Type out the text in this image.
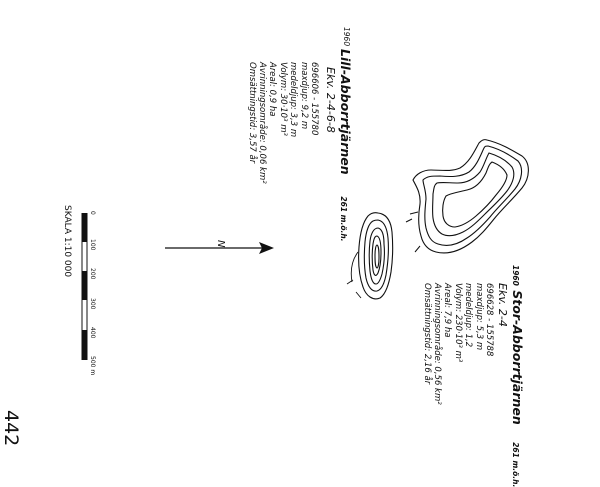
N
1960
Lill-Abborrtjärnen     261 m.ö.h.
Ekv. 2-4-6-8
696606 - 155780
maxdjup: 9,2 m
medeldjup: 3,3 m
Volym: 30·10³ m³
Areal: 0,9 ha
Avrinningsområde: 0,06 km²
Omsättningstid: 3,57 år
1960 Stor-Abborrtjärnen    261 m.ö.h.
Ekv. 2-4
696628 - 155788
maxdjup: 5,3 m
medeldjup: 1,2
Volym: 230·10³ m³
Areal: 7,9 ha
Avrinningsområde: 0,56 km²
Omsättningstid: 2,16 år
SKALA 1:10 000	0
100
200
300
400
500 m
442
